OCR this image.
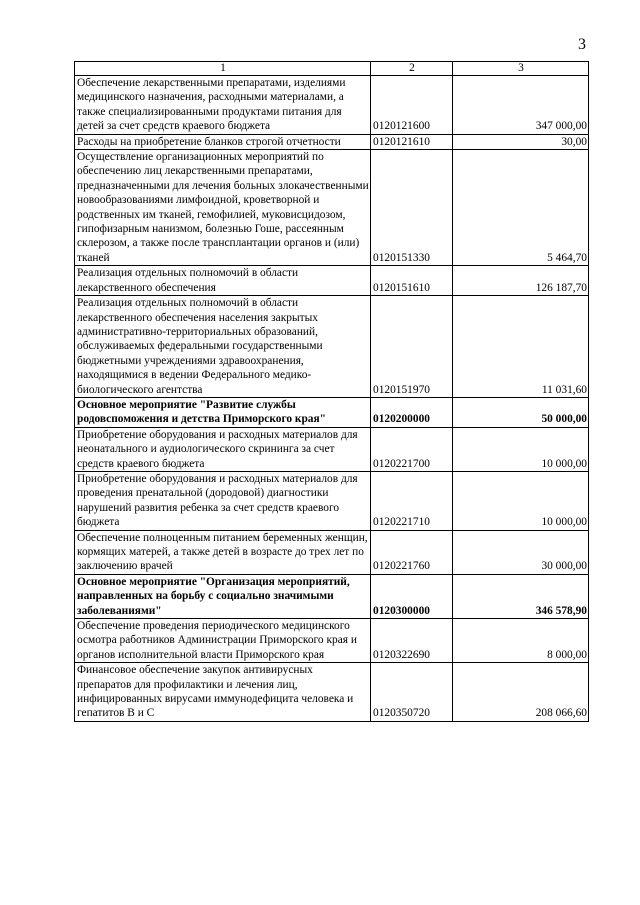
3
1	2	3
Обеспечение лекарственными препаратами, изделиями медицинского назначения, расходными материалами, а также специализированными продуктами питания для детей за счет средств краевого бюджета	0120121600	347 000,00
Расходы на приобретение бланков строгой отчетности	0120121610	30,00
Осуществление организационных мероприятий по обеспечению лиц лекарственными препаратами, предназначенными для лечения больных злокачественными новообразованиями лимфоидной, кроветворной и родственных им тканей, гемофилией, муковисцидозом, гипофизарным нанизмом, болезнью Гоше, рассеянным склерозом, а также после трансплантации органов и (или) тканей	0120151330	5 464,70
Реализация отдельных полномочий в области лекарственного обеспечения	0120151610	126 187,70
Реализация отдельных полномочий в области лекарственного обеспечения населения закрытых административно-территориальных образований, обслуживаемых федеральными государственными бюджетными учреждениями здравоохранения, находящимися в ведении Федерального медико-биологического агентства	0120151970	11 031,60
Основное мероприятие "Развитие службы родовспоможения и детства Приморского края"	0120200000	50 000,00
Приобретение оборудования и расходных материалов для неонатального и аудиологического скрининга за счет средств краевого бюджета	0120221700	10 000,00
Приобретение оборудования и расходных материалов для проведения пренатальной (дородовой) диагностики нарушений развития ребенка за счет средств краевого бюджета	0120221710	10 000,00
Обеспечение полноценным питанием беременных женщин, кормящих матерей, а также детей в возрасте до трех лет по заключению врачей	0120221760	30 000,00
Основное мероприятие "Организация мероприятий, направленных на борьбу с социально значимыми заболеваниями"	0120300000	346 578,90
Обеспечение проведения периодического медицинского осмотра работников Администрации Приморского края и органов исполнительной власти Приморского края	0120322690	8 000,00
Финансовое обеспечение закупок антивирусных препаратов для профилактики и лечения лиц, инфицированных вирусами иммунодефицита человека и гепатитов В и С	0120350720	208 066,60
